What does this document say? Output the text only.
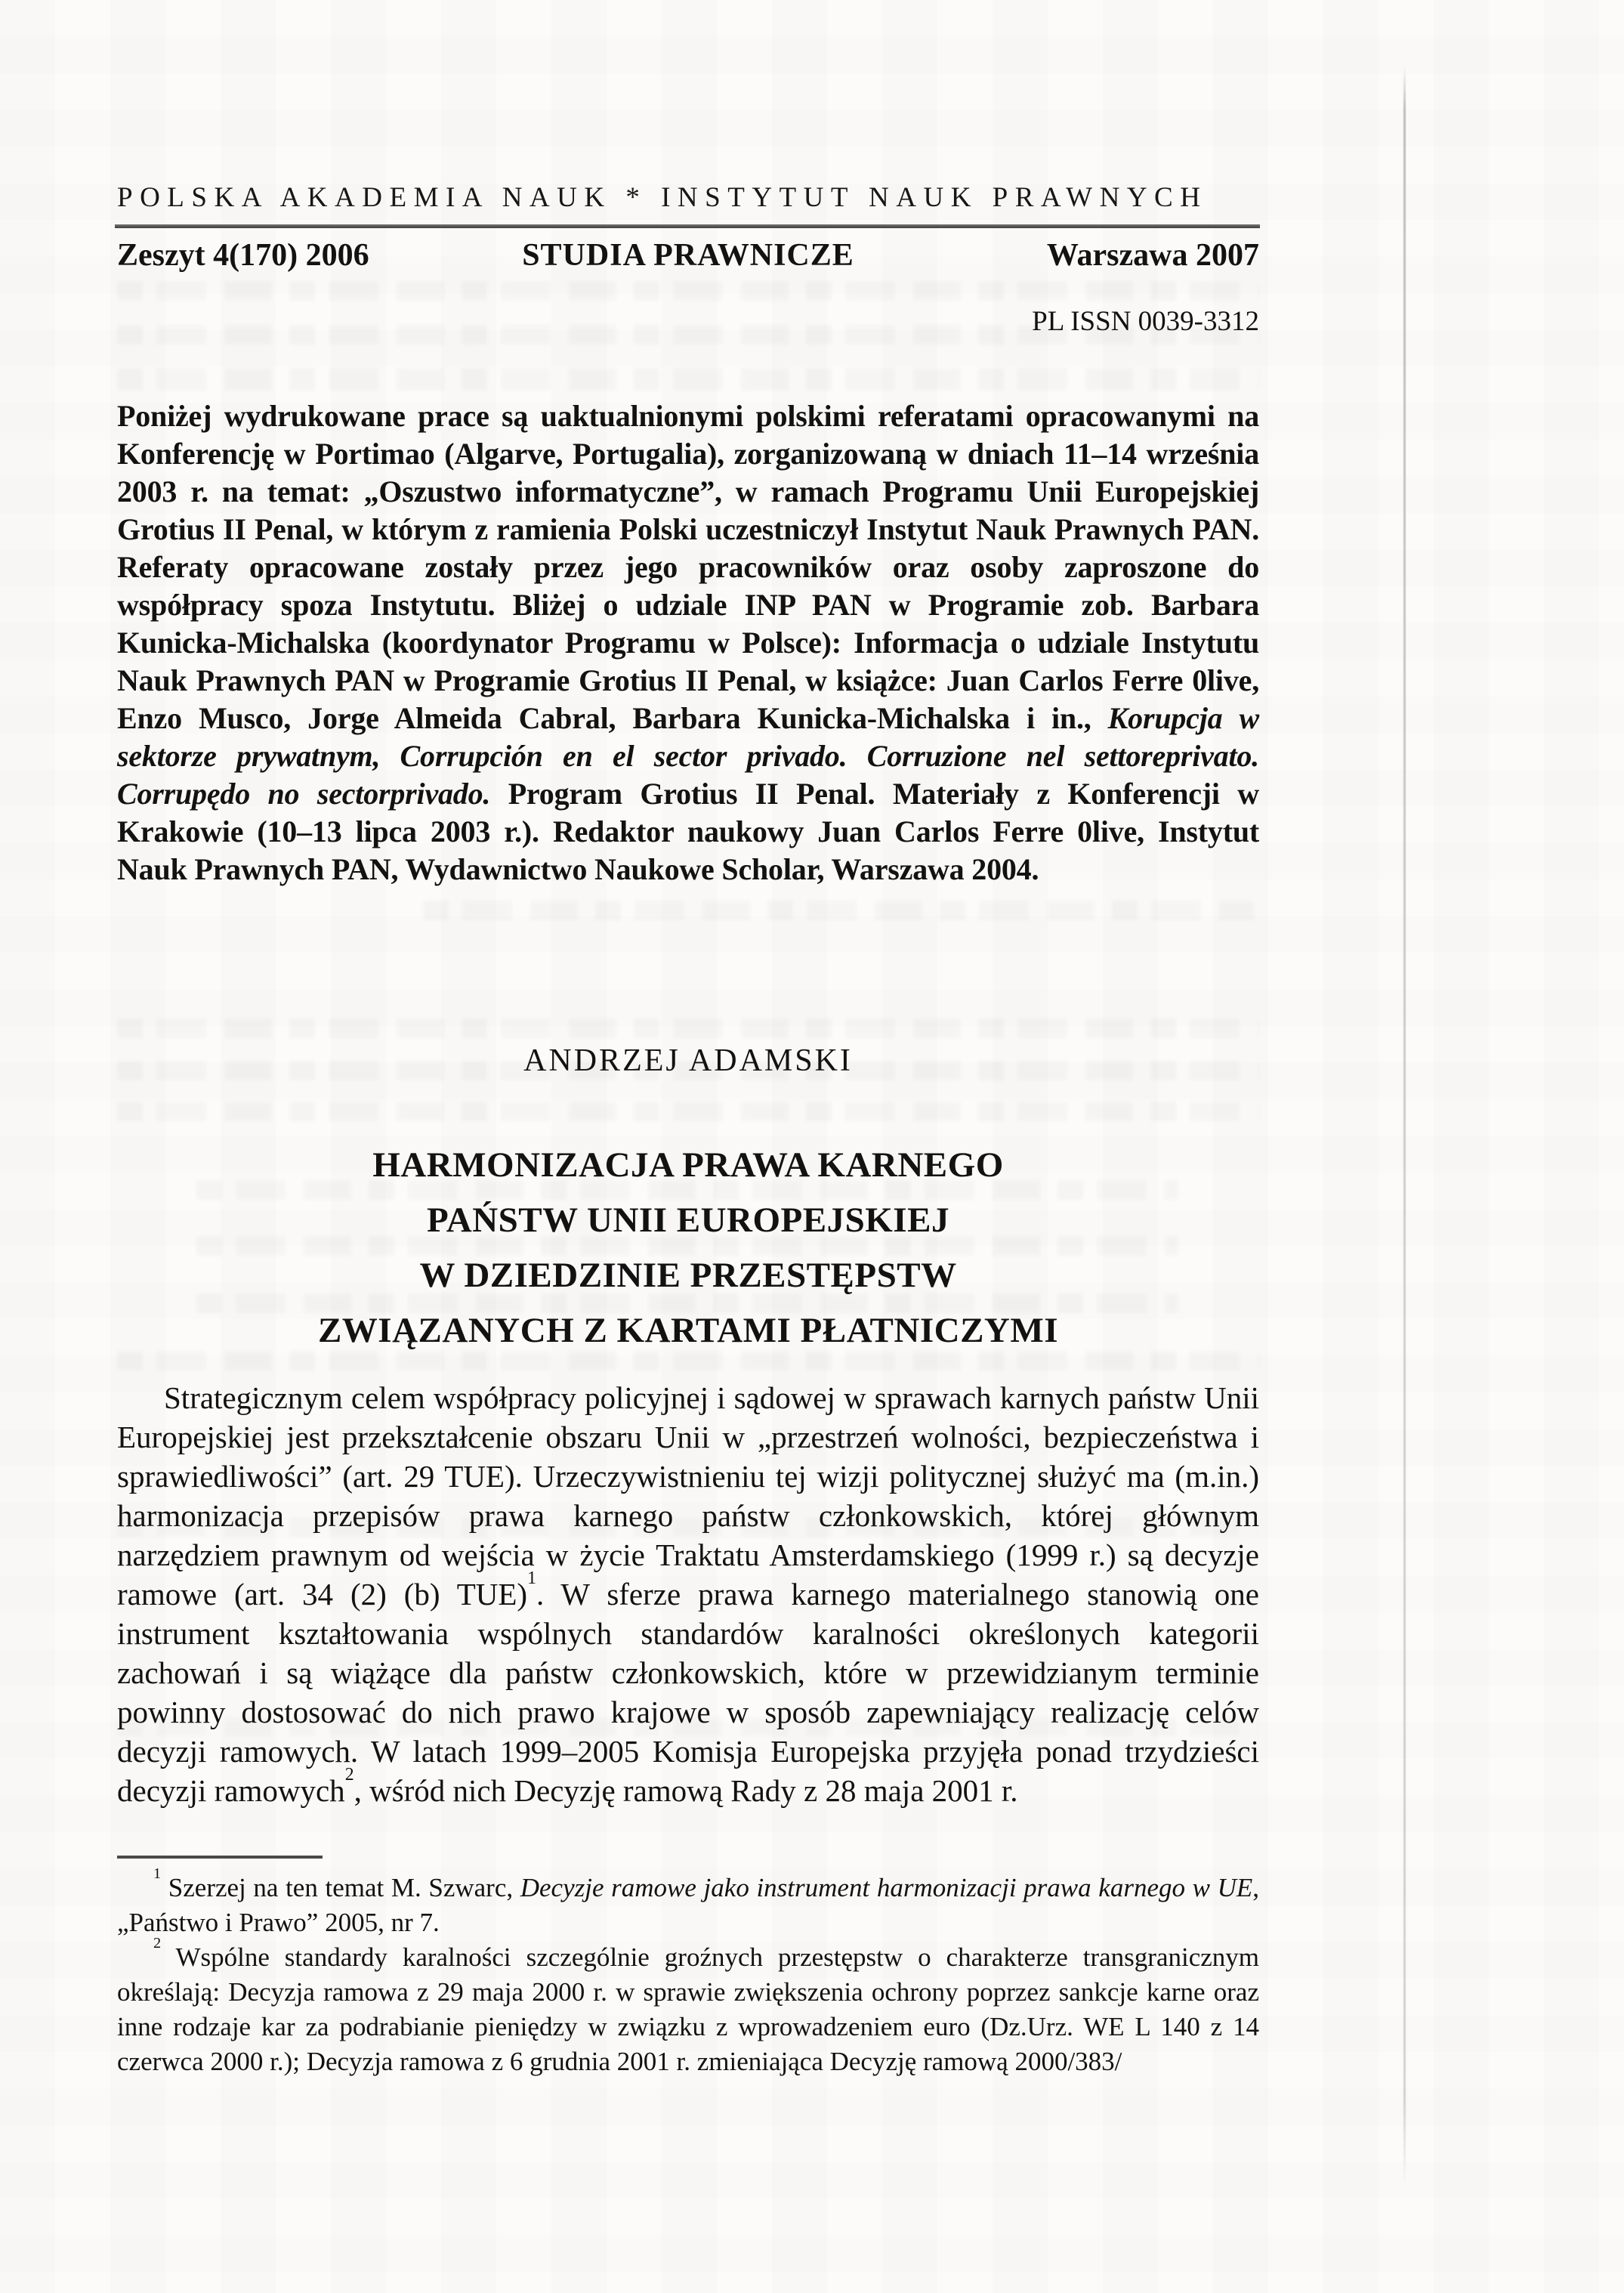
POLSKA AKADEMIA NAUK * INSTYTUT NAUK PRAWNYCH
Zeszyt 4(170) 2006	STUDIA PRAWNICZE	Warszawa 2007
PL ISSN 0039-3312

Poniżej wydrukowane prace są uaktualnionymi polskimi referatami opracowanymi na Konferencję w Portimao (Algarve, Portugalia), zorganizowaną w dniach 11–14 września 2003 r. na temat: „Oszustwo informatyczne”, w ramach Programu Unii Europejskiej Grotius II Penal, w którym z ramienia Polski uczestniczył Instytut Nauk Prawnych PAN. Referaty opracowane zostały przez jego pracowników oraz osoby zaproszone do współpracy spoza Instytutu. Bliżej o udziale INP PAN w Programie zob. Barbara Kunicka-Michalska (koordynator Programu w Polsce): Informacja o udziale Instytutu Nauk Prawnych PAN w Programie Grotius II Penal, w książce: Juan Carlos Ferre 0live, Enzo Musco, Jorge Almeida Cabral, Barbara Kunicka-Michalska i in., Korupcja w sektorze prywatnym, Corrupción en el sector privado. Corruzione nel settoreprivato. Corrupędo no sectorprivado. Program Grotius II Penal. Materiały z Konferencji w Krakowie (10–13 lipca 2003 r.). Redaktor naukowy Juan Carlos Ferre 0live, Instytut Nauk Prawnych PAN, Wydawnictwo Naukowe Scholar, Warszawa 2004.

ANDRZEJ ADAMSKI
HARMONIZACJA PRAWA KARNEGO
PAŃSTW UNII EUROPEJSKIEJ
W DZIEDZINIE PRZESTĘPSTW
ZWIĄZANYCH Z KARTAMI PŁATNICZYMI

Strategicznym celem współpracy policyjnej i sądowej w sprawach karnych państw Unii Europejskiej jest przekształcenie obszaru Unii w „przestrzeń wolności, bezpieczeństwa i sprawiedliwości” (art. 29 TUE). Urzeczywistnieniu tej wizji politycznej służyć ma (m.in.) harmonizacja przepisów prawa karnego państw członkowskich, której głównym narzędziem prawnym od wejścia w życie Traktatu Amsterdamskiego (1999 r.) są decyzje ramowe (art. 34 (2) (b) TUE)$^1$. W sferze prawa karnego materialnego stanowią one instrument kształtowania wspólnych standardów karalności określonych kategorii zachowań i są wiążące dla państw członkowskich, które w przewidzianym terminie powinny dostosować do nich prawo krajowe w sposób zapewniający realizację celów decyzji ramowych. W latach 1999–2005 Komisja Europejska przyjęła ponad trzydzieści decyzji ramowych$^2$, wśród nich Decyzję ramową Rady z 28 maja 2001 r.

$^1$ Szerzej na ten temat M. Szwarc, Decyzje ramowe jako instrument harmonizacji prawa karnego w UE, „Państwo i Prawo” 2005, nr 7.

$^2$ Wspólne standardy karalności szczególnie groźnych przestępstw o charakterze transgranicznym określają: Decyzja ramowa z 29 maja 2000 r. w sprawie zwiększenia ochrony poprzez sankcje karne oraz inne rodzaje kar za podrabianie pieniędzy w związku z wprowadzeniem euro (Dz.Urz. WE L 140 z 14 czerwca 2000 r.); Decyzja ramowa z 6 grudnia 2001 r. zmieniająca Decyzję ramową 2000/383/
